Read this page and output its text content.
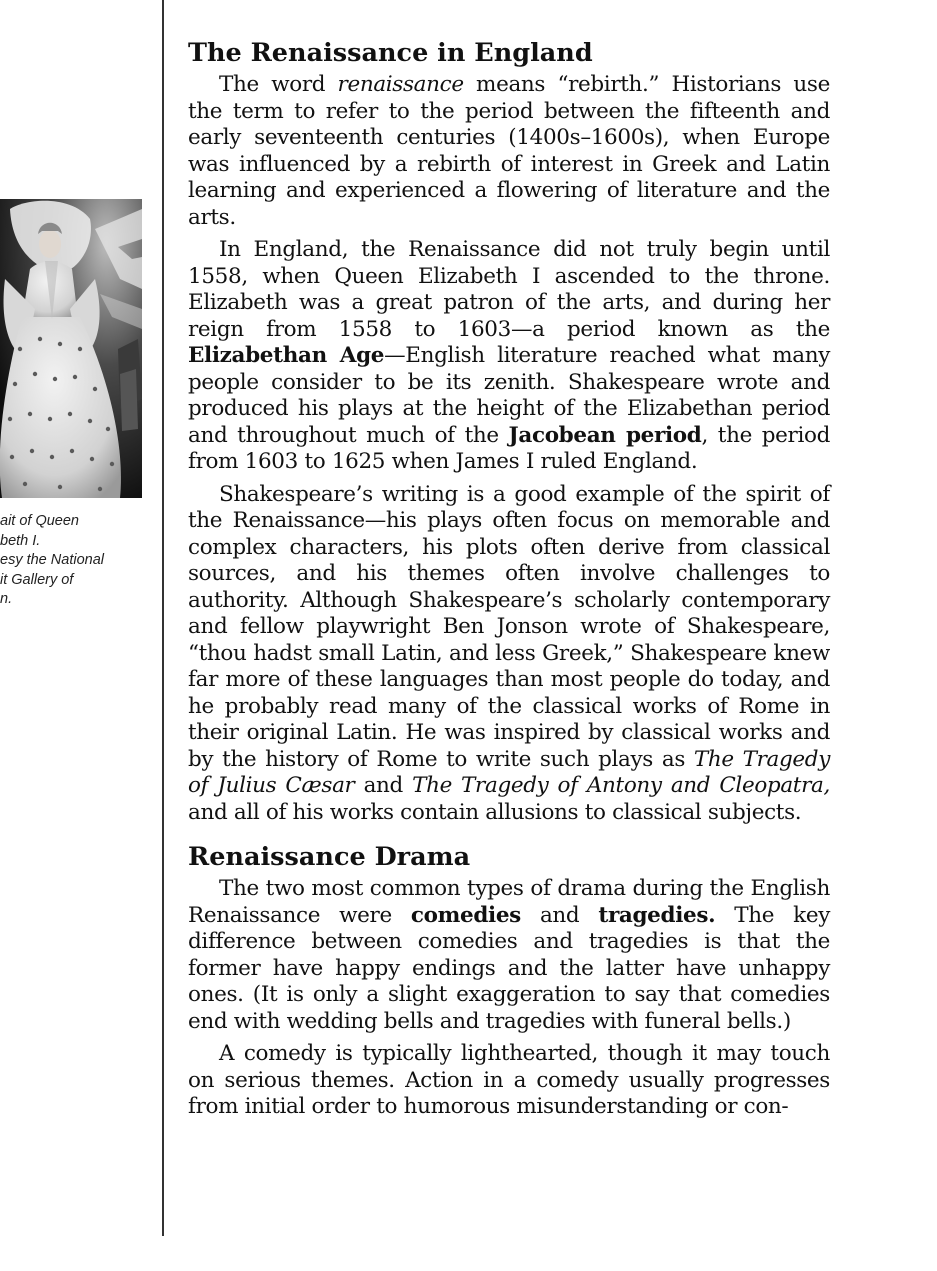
ait of Queen
beth I.
esy the National
it Gallery of
n.
The Renaissance in England

The word renaissance means “rebirth.” Historians use the term to refer to the period between the fifteenth and early seventeenth centuries (1400s–1600s), when Europe was influenced by a rebirth of interest in Greek and Latin learning and experienced a flowering of literature and the arts.

In England, the Renaissance did not truly begin until 1558, when Queen Elizabeth I ascended to the throne. Elizabeth was a great patron of the arts, and during her reign from 1558 to 1603—a period known as the Elizabethan Age—English literature reached what many people consider to be its zenith. Shakespeare wrote and produced his plays at the height of the Elizabethan period and throughout much of the Jacobean period, the period from 1603 to 1625 when James I ruled England.

Shakespeare’s writing is a good example of the spirit of the Renaissance—his plays often focus on memorable and complex characters, his plots often derive from classical sources, and his themes often involve challenges to authority. Although Shakespeare’s scholarly contemporary and fellow playwright Ben Jonson wrote of Shakespeare, “thou hadst small Latin, and less Greek,” Shakespeare knew far more of these languages than most people do today, and he probably read many of the classical works of Rome in their original Latin. He was inspired by classical works and by the history of Rome to write such plays as The Tragedy of Julius Cæsar and The Tragedy of Antony and Cleopatra, and all of his works contain allusions to classical subjects.

Renaissance Drama

The two most common types of drama during the English Renaissance were comedies and tragedies. The key difference between comedies and tragedies is that the former have happy endings and the latter have unhappy ones. (It is only a slight exaggeration to say that comedies end with wedding bells and tragedies with funeral bells.)

A comedy is typically lighthearted, though it may touch on serious themes. Action in a comedy usually progresses from initial order to humorous misunderstanding or con-
